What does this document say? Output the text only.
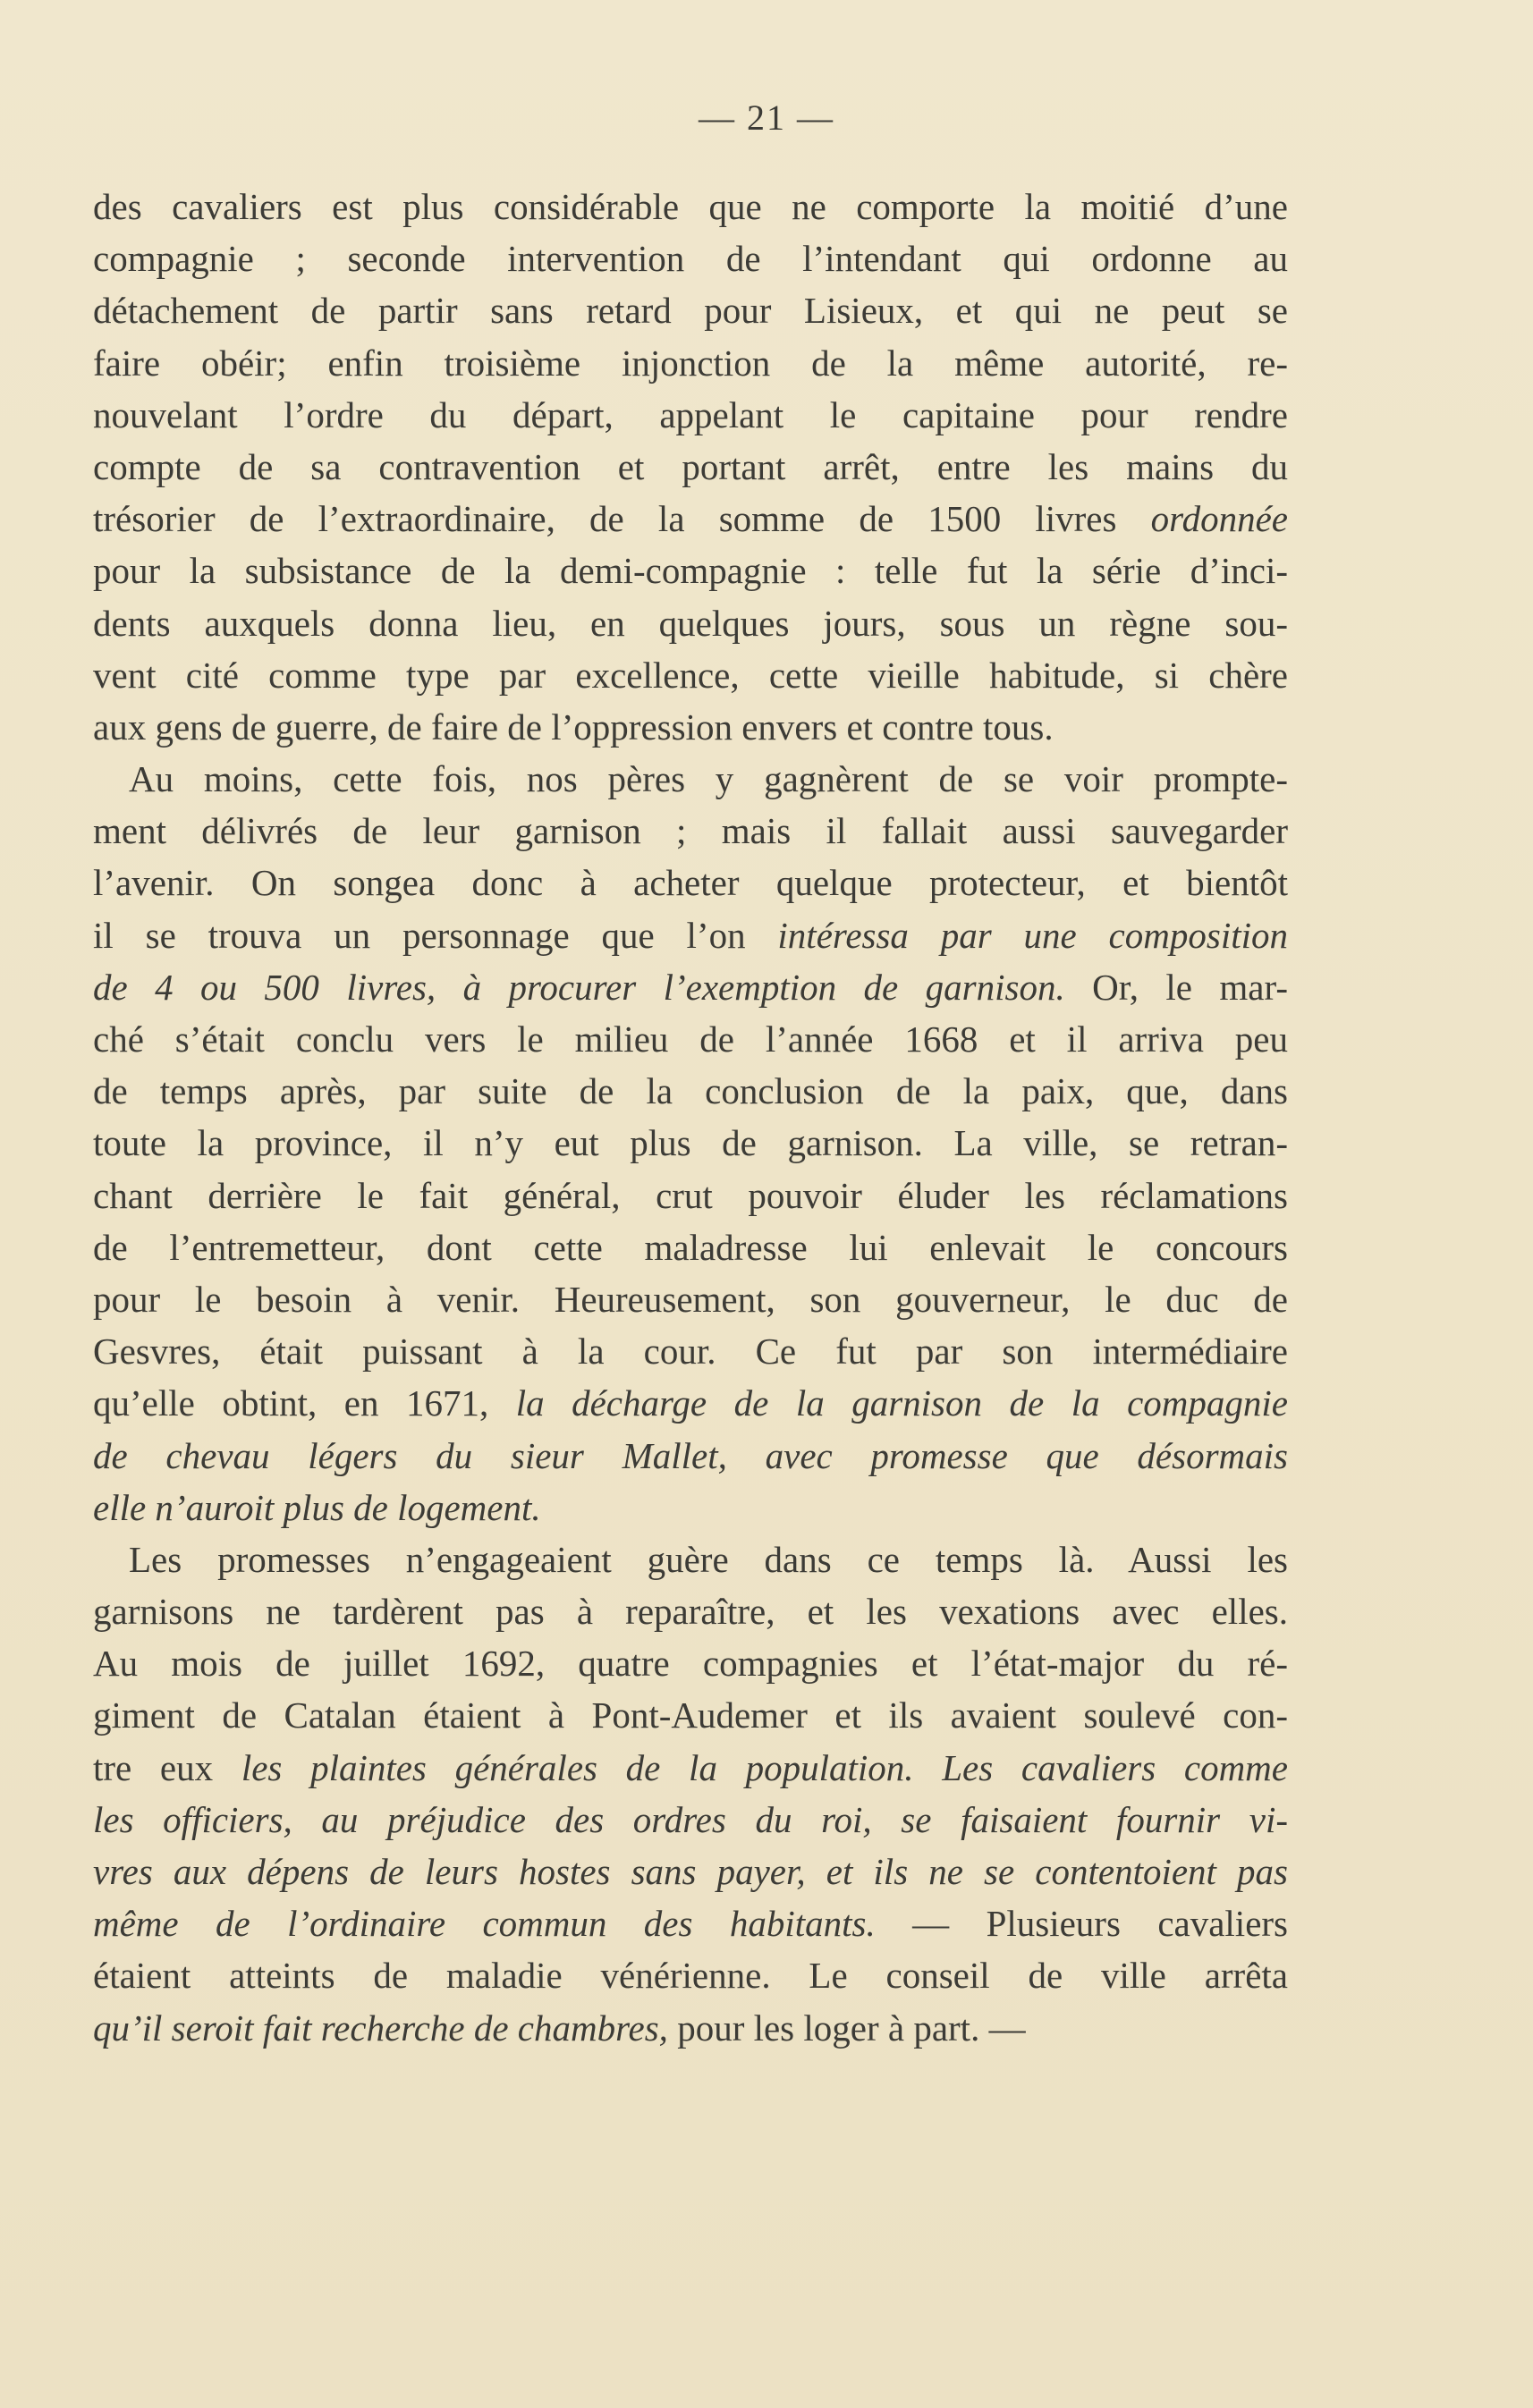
— 21 —
des cavaliers est plus considérable que ne comporte la moitié d’une
compagnie ; seconde intervention de l’intendant qui ordonne au
détachement de partir sans retard pour Lisieux, et qui ne peut se
faire obéir; enfin troisième injonction de la même autorité, re-
nouvelant l’ordre du départ, appelant le capitaine pour rendre
compte de sa contravention et portant arrêt, entre les mains du
trésorier de l’extraordinaire, de la somme de 1500 livres ordonnée
pour la subsistance de la demi-compagnie : telle fut la série d’inci-
dents auxquels donna lieu, en quelques jours, sous un règne sou-
vent cité comme type par excellence, cette vieille habitude, si chère
aux gens de guerre, de faire de l’oppression envers et contre tous.
Au moins, cette fois, nos pères y gagnèrent de se voir prompte-
ment délivrés de leur garnison ; mais il fallait aussi sauvegarder
l’avenir. On songea donc à acheter quelque protecteur, et bientôt
il se trouva un personnage que l’on intéressa par une composition
de 4 ou 500 livres, à procurer l’exemption de garnison. Or, le mar-
ché s’était conclu vers le milieu de l’année 1668 et il arriva peu
de temps après, par suite de la conclusion de la paix, que, dans
toute la province, il n’y eut plus de garnison. La ville, se retran-
chant derrière le fait général, crut pouvoir éluder les réclamations
de l’entremetteur, dont cette maladresse lui enlevait le concours
pour le besoin à venir. Heureusement, son gouverneur, le duc de
Gesvres, était puissant à la cour. Ce fut par son intermédiaire
qu’elle obtint, en 1671, la décharge de la garnison de la compagnie
de chevau légers du sieur Mallet, avec promesse que désormais
elle n’auroit plus de logement.
Les promesses n’engageaient guère dans ce temps là. Aussi les
garnisons ne tardèrent pas à reparaître, et les vexations avec elles.
Au mois de juillet 1692, quatre compagnies et l’état-major du ré-
giment de Catalan étaient à Pont-Audemer et ils avaient soulevé con-
tre eux les plaintes générales de la population. Les cavaliers comme
les officiers, au préjudice des ordres du roi, se faisaient fournir vi-
vres aux dépens de leurs hostes sans payer, et ils ne se contentoient pas
même de l’ordinaire commun des habitants. — Plusieurs cavaliers
étaient atteints de maladie vénérienne. Le conseil de ville arrêta
qu’il seroit fait recherche de chambres, pour les loger à part. —
